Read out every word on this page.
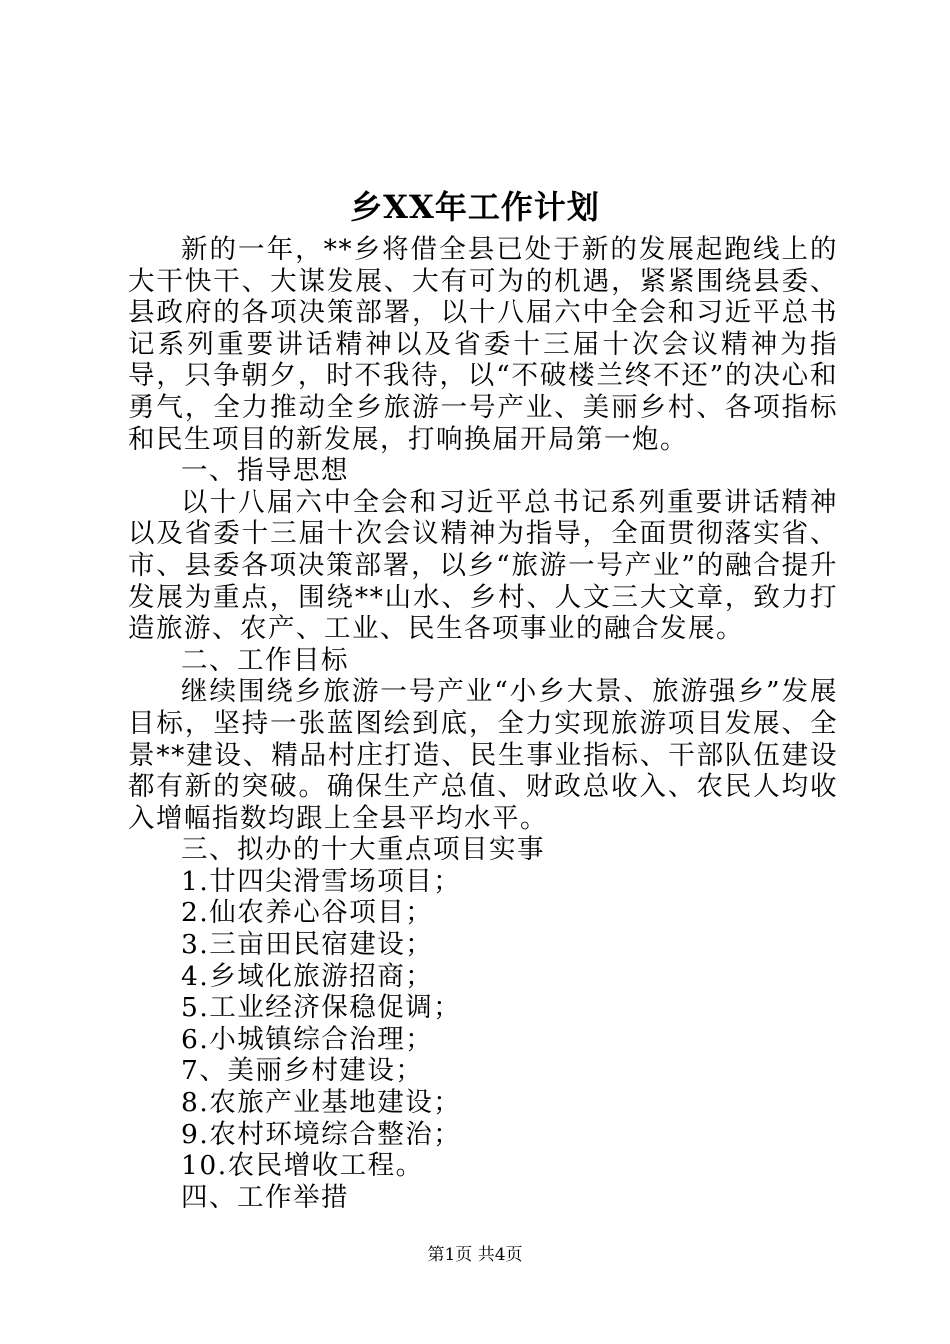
乡XX年工作计划

新的一年，**乡将借全县已处于新的发展起跑线上的大干快干、大谋发展、大有可为的机遇，紧紧围绕县委、县政府的各项决策部署，以十八届六中全会和习近平总书记系列重要讲话精神以及省委十三届十次会议精神为指导，只争朝夕，时不我待，以“不破楼兰终不还”的决心和勇气，全力推动全乡旅游一号产业、美丽乡村、各项指标和民生项目的新发展，打响换届开局第一炮。

一、指导思想

以十八届六中全会和习近平总书记系列重要讲话精神以及省委十三届十次会议精神为指导，全面贯彻落实省、市、县委各项决策部署，以乡“旅游一号产业”的融合提升发展为重点，围绕**山水、乡村、人文三大文章，致力打造旅游、农产、工业、民生各项事业的融合发展。

二、工作目标

继续围绕乡旅游一号产业“小乡大景、旅游强乡”发展目标，坚持一张蓝图绘到底，全力实现旅游项目发展、全景**建设、精品村庄打造、民生事业指标、干部队伍建设都有新的突破。确保生产总值、财政总收入、农民人均收入增幅指数均跟上全县平均水平。

三、拟办的十大重点项目实事

1.廿四尖滑雪场项目；

2.仙农养心谷项目；

3.三亩田民宿建设；

4.乡域化旅游招商；

5.工业经济保稳促调；

6.小城镇综合治理；

7、美丽乡村建设；

8.农旅产业基地建设；

9.农村环境综合整治；

10.农民增收工程。

四、工作举措

第1页 共4页
